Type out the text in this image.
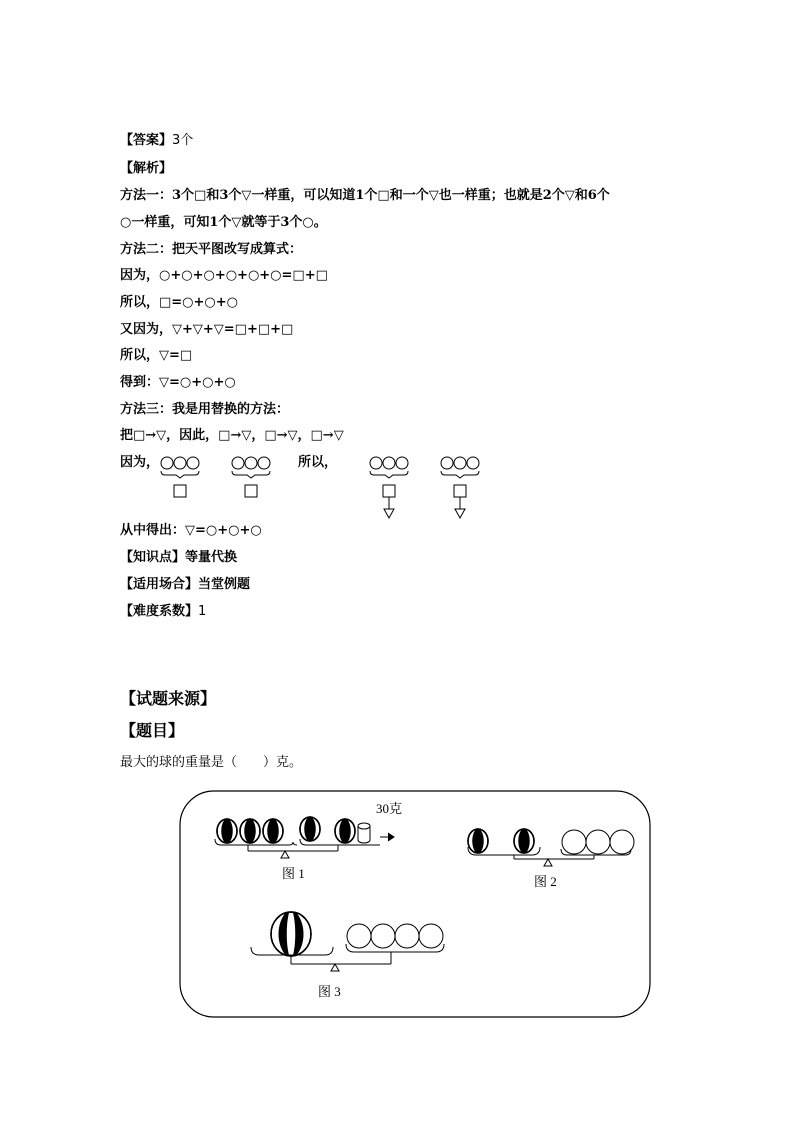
【答案】3个
【解析】
方法一：3个□和3个▽一样重，可以知道1个□和一个▽也一样重；也就是2个▽和6个
○一样重，可知1个▽就等于3个○。
方法二：把天平图改写成算式：
因为，○+○+○+○+○+○=□+□
所以，□=○+○+○
又因为，▽+▽+▽=□+□+□
所以，▽=□
得到：▽=○+○+○
方法三：我是用替换的方法：
把□→▽，因此，□→▽，□→▽，□→▽
因为，	所以，
从中得出：▽=○+○+○
【知识点】等量代换
【适用场合】当堂例题
【难度系数】1
【试题来源】
【题目】
最大的球的重量是（　　）克。
30克
图 1
图 2
图 3
